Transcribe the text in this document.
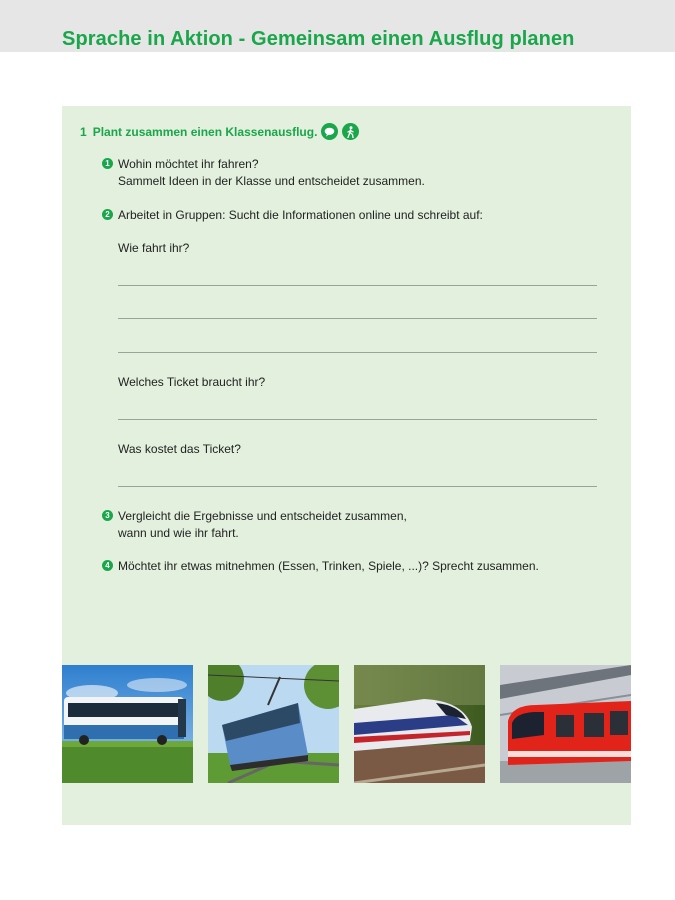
Sprache in Aktion - Gemeinsam einen Ausflug planen
1 Plant zusammen einen Klassenausflug.
1 Wohin möchtet ihr fahren?
Sammelt Ideen in der Klasse und entscheidet zusammen.
2 Arbeitet in Gruppen: Sucht die Informationen online und schreibt auf:
Wie fahrt ihr?
Welches Ticket braucht ihr?
Was kostet das Ticket?
3 Vergleicht die Ergebnisse und entscheidet zusammen,
wann und wie ihr fahrt.
4 Möchtet ihr etwas mitnehmen (Essen, Trinken, Spiele, ...)? Sprecht zusammen.
